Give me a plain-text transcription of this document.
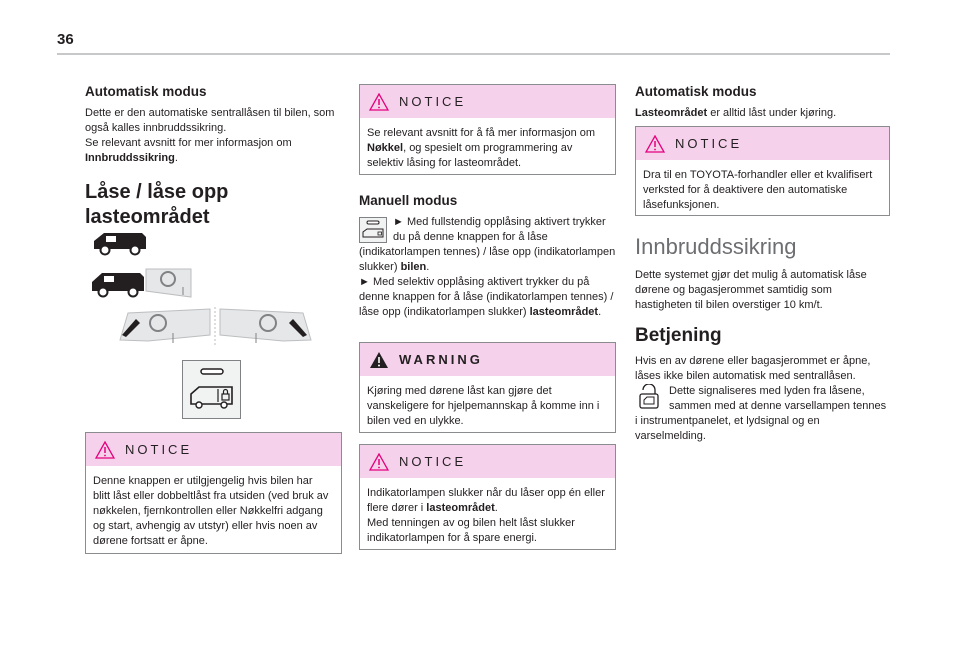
36
Automatisk modus

Dette er den automatiske sentrallåsen til bilen, som også kalles innbruddssikring.
Se relevant avsnitt for mer informasjon om Innbruddssikring.

Låse / låse opp
lasteområdet
NOTICE
Denne knappen er utilgjengelig hvis bilen har blitt låst eller dobbeltlåst fra utsiden (ved bruk av nøkkelen, fjernkontrollen eller Nøkkelfri adgang og start, avhengig av utstyr) eller hvis noen av dørene fortsatt er åpne.
NOTICE
Se relevant avsnitt for å få mer informasjon om Nøkkel, og spesielt om programmering av selektiv låsing for lasteområdet.
Manuell modus
► Med fullstendig opplåsing aktivert trykker du på denne knappen for å låse (indikatorlampen tennes) / låse opp (indikatorlampen slukker) bilen.
► Med selektiv opplåsing aktivert trykker du på denne knappen for å låse (indikatorlampen tennes) / låse opp (indikatorlampen slukker) lasteområdet.
WARNING
Kjøring med dørene låst kan gjøre det vanskeligere for hjelpemannskap å komme inn i bilen ved en ulykke.
NOTICE
Indikatorlampen slukker når du låser opp én eller flere dører i lasteområdet.
Med tenningen av og bilen helt låst slukker indikatorlampen for å spare energi.
Automatisk modus

Lasteområdet er alltid låst under kjøring.

NOTICE
Dra til en TOYOTA-forhandler eller et kvalifisert verksted for å deaktivere den automatiske låsefunksjonen.
Innbruddssikring

Dette systemet gjør det mulig å automatisk låse dørene og bagasjerommet samtidig som hastigheten til bilen overstiger 10 km/t.

Betjening

Hvis en av dørene eller bagasjerommet er åpne, låses ikke bilen automatisk med sentrallåsen.

Dette signaliseres med lyden fra låsene, sammen med at denne varsellampen tennes i instrumentpanelet, et lydsignal og en varselmelding.
